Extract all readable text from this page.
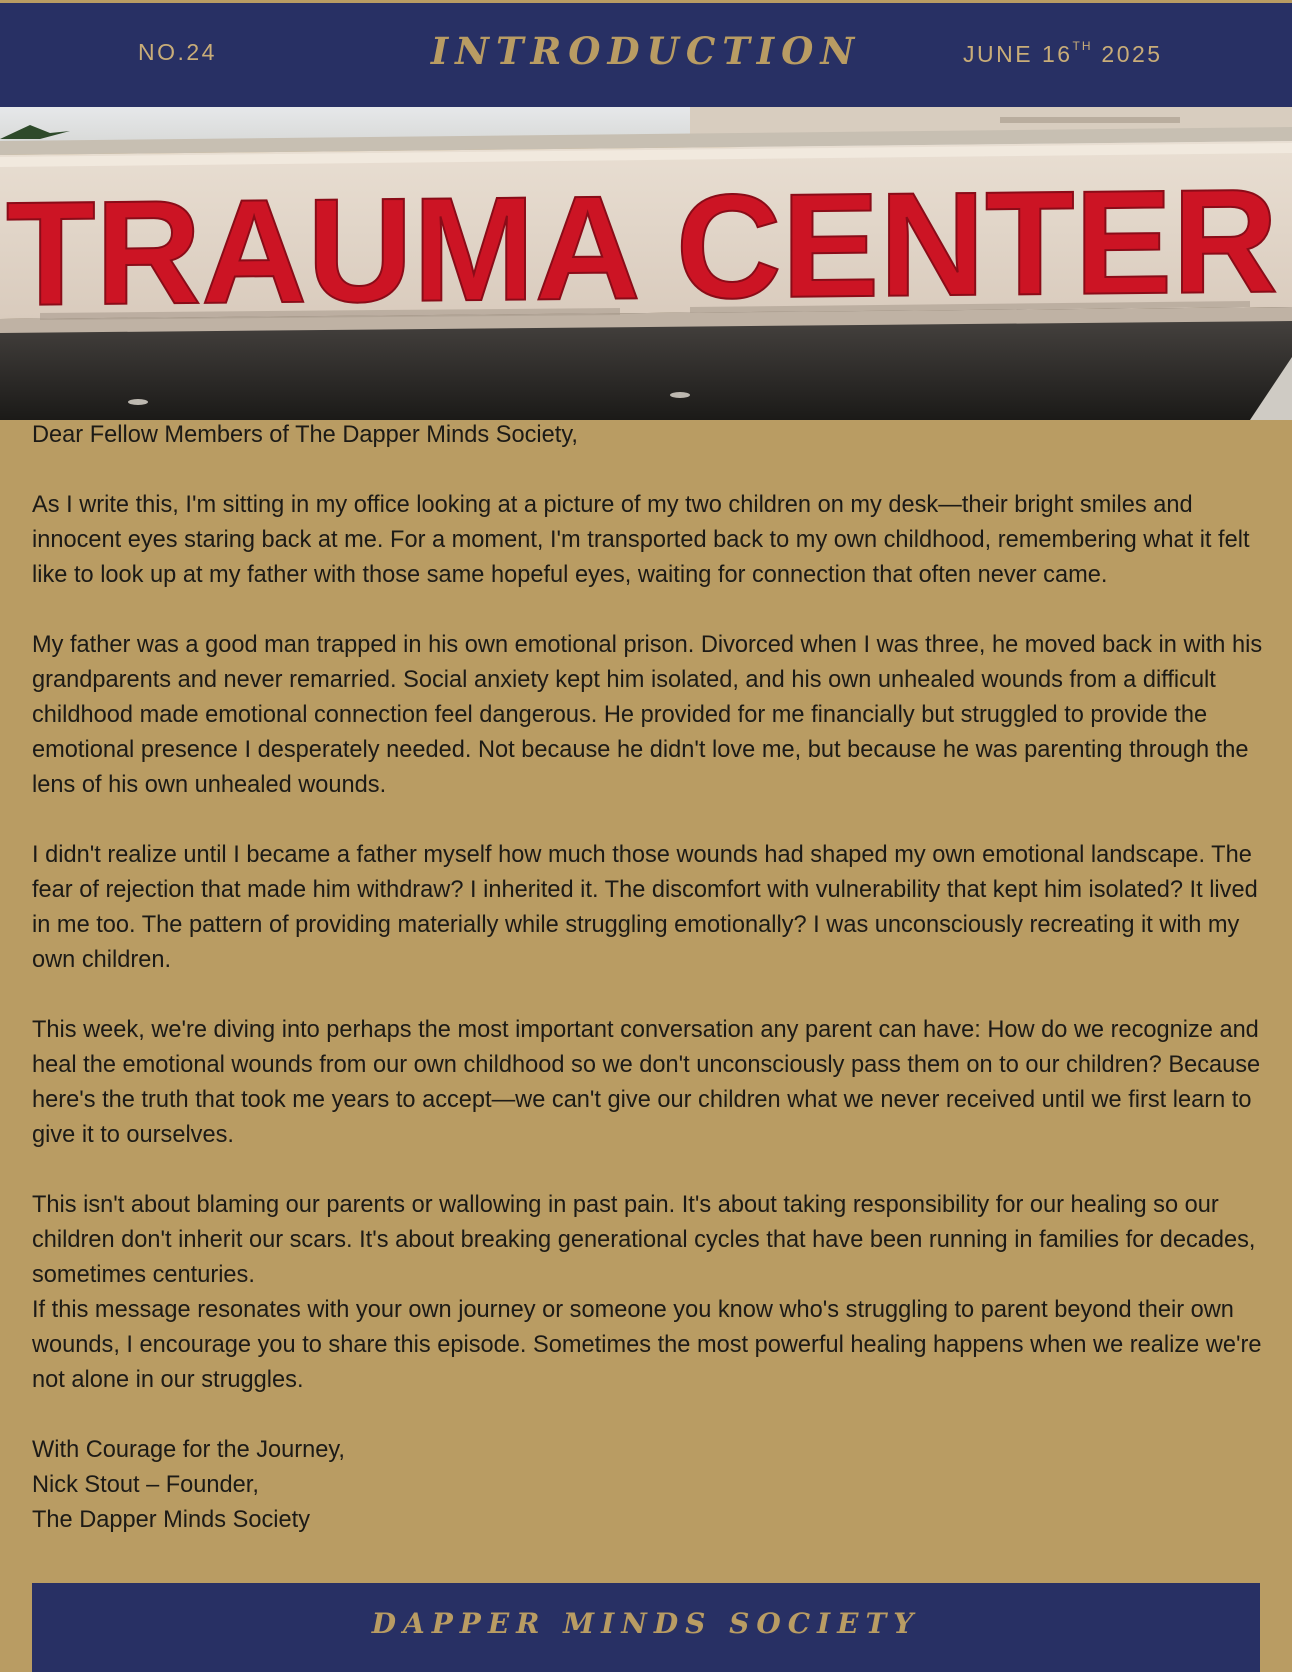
NO.24	INTRODUCTION	JUNE 16TH 2025
TRAUMA CENTER

Dear Fellow Members of The Dapper Minds Society,

As I write this, I'm sitting in my office looking at a picture of my two children on my desk—their bright smiles and innocent eyes staring back at me. For a moment, I'm transported back to my own childhood, remembering what it felt like to look up at my father with those same hopeful eyes, waiting for connection that often never came.

My father was a good man trapped in his own emotional prison. Divorced when I was three, he moved back in with his grandparents and never remarried. Social anxiety kept him isolated, and his own unhealed wounds from a difficult childhood made emotional connection feel dangerous. He provided for me financially but struggled to provide the emotional presence I desperately needed. Not because he didn't love me, but because he was parenting through the lens of his own unhealed wounds.

I didn't realize until I became a father myself how much those wounds had shaped my own emotional landscape. The fear of rejection that made him withdraw? I inherited it. The discomfort with vulnerability that kept him isolated? It lived in me too. The pattern of providing materially while struggling emotionally? I was unconsciously recreating it with my own children.

This week, we're diving into perhaps the most important conversation any parent can have: How do we recognize and heal the emotional wounds from our own childhood so we don't unconsciously pass them on to our children? Because here's the truth that took me years to accept—we can't give our children what we never received until we first learn to give it to ourselves.

This isn't about blaming our parents or wallowing in past pain. It's about taking responsibility for our healing so our children don't inherit our scars. It's about breaking generational cycles that have been running in families for decades, sometimes centuries.

If this message resonates with your own journey or someone you know who's struggling to parent beyond their own wounds, I encourage you to share this episode. Sometimes the most powerful healing happens when we realize we're not alone in our struggles.

With Courage for the Journey,
Nick Stout – Founder,
The Dapper Minds Society
DAPPER MINDS SOCIETY
